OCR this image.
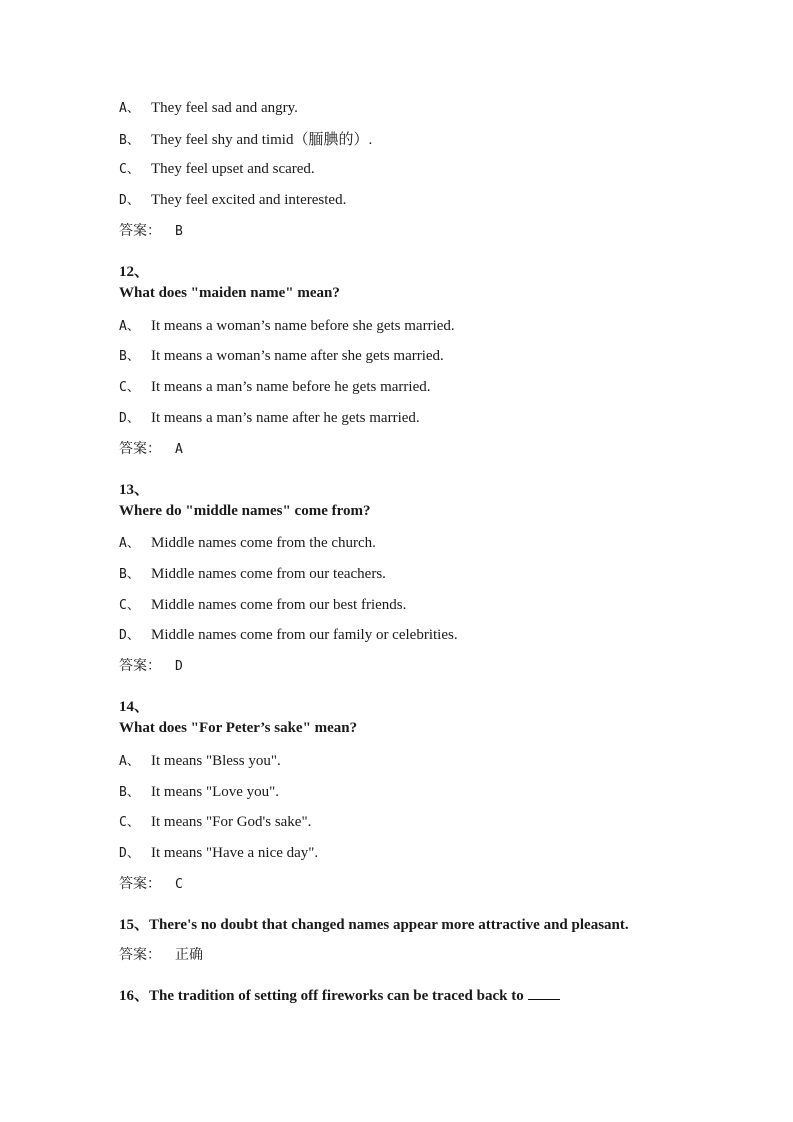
A、 They feel sad and angry.
B、 They feel shy and timid（腼腆的）.
C、 They feel upset and scared.
D、 They feel excited and interested.
答案： B
12、
What does "maiden name" mean?
A、 It means a woman’s name before she gets married.
B、 It means a woman’s name after she gets married.
C、 It means a man’s name before he gets married.
D、 It means a man’s name after he gets married.
答案： A
13、
Where do "middle names" come from?
A、 Middle names come from the church.
B、 Middle names come from our teachers.
C、 Middle names come from our best friends.
D、 Middle names come from our family or celebrities.
答案： D
14、
What does "For Peter’s sake" mean?
A、 It means "Bless you".
B、 It means "Love you".
C、 It means "For God's sake".
D、 It means "Have a nice day".
答案： C
15、There's no doubt that changed names appear more attractive and pleasant.
答案： 正确
16、The tradition of setting off fireworks can be traced back to
